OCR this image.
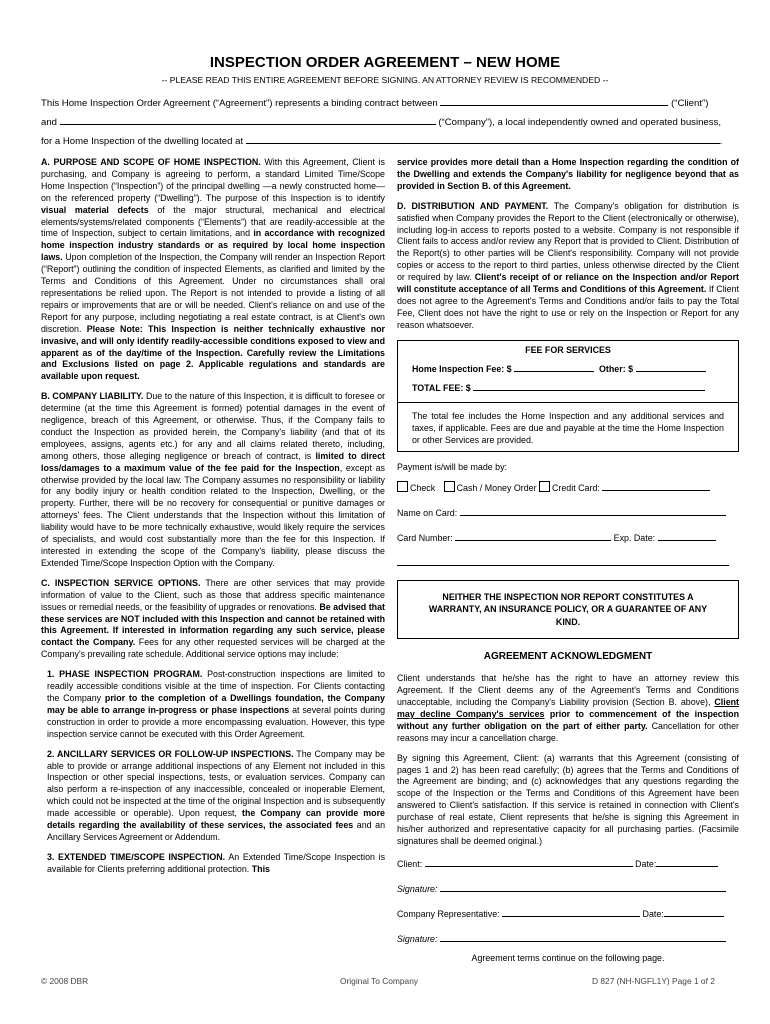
INSPECTION ORDER AGREEMENT – NEW HOME
-- PLEASE READ THIS ENTIRE AGREEMENT BEFORE SIGNING. AN ATTORNEY REVIEW IS RECOMMENDED --
This Home Inspection Order Agreement (“Agreement”) represents a binding contract between	(“Client”)
and	(“Company”), a local independently owned and operated business,
for a Home Inspection of the dwelling located at	.

A. PURPOSE AND SCOPE OF HOME INSPECTION. With this Agreement, Client is purchasing, and Company is agreeing to perform, a standard Limited Time/Scope Home Inspection (“Inspection”) of the principal dwelling —a newly constructed home—on the referenced property (“Dwelling”). The purpose of this Inspection is to identify visual material defects of the major structural, mechanical and electrical elements/systems/related components (“Elements”) that are readily-accessible at the time of Inspection, subject to certain limitations, and in accordance with recognized home inspection industry standards or as required by local home inspection laws. Upon completion of the Inspection, the Company will render an Inspection Report (“Report”) outlining the condition of inspected Elements, as clarified and limited by the Terms and Conditions of this Agreement. Under no circumstances shall oral representations be relied upon. The Report is not intended to provide a listing of all repairs or improvements that are or will be needed. Client's reliance on and use of the Report for any purpose, including negotiating a real estate contract, is at Client's own discretion. Please Note: This Inspection is neither technically exhaustive nor invasive, and will only identify readily-accessible conditions exposed to view and apparent as of the day/time of the Inspection. Carefully review the Limitations and Exclusions listed on page 2. Applicable regulations and standards are available upon request.

B. COMPANY LIABILITY. Due to the nature of this Inspection, it is difficult to foresee or determine (at the time this Agreement is formed) potential damages in the event of negligence, breach of this Agreement, or otherwise. Thus, if the Company fails to conduct the Inspection as provided herein, the Company's liability (and that of its employees, assigns, agents etc.) for any and all claims related thereto, including, among others, those alleging negligence or breach of contract, is limited to direct loss/damages to a maximum value of the fee paid for the Inspection, except as otherwise provided by the local law. The Company assumes no responsibility or liability for any bodily injury or health condition related to the Inspection, Dwelling, or the property. Further, there will be no recovery for consequential or punitive damages or attorneys' fees. The Client understands that the Inspection without this limitation of liability would have to be more technically exhaustive, would likely require the services of specialists, and would cost substantially more than the fee for this Inspection. If interested in extending the scope of the Company's liability, please discuss the Extended Time/Scope Inspection Option with the Company.

C. INSPECTION SERVICE OPTIONS. There are other services that may provide information of value to the Client, such as those that address specific maintenance issues or remedial needs, or the feasibility of upgrades or renovations. Be advised that these services are NOT included with this Inspection and cannot be retained with this Agreement. If interested in information regarding any such service, please contact the Company. Fees for any other requested services will be charged at the Company's prevailing rate schedule. Additional service options may include:

1. PHASE INSPECTION PROGRAM. Post-construction inspections are limited to readily accessible conditions visible at the time of inspection. For Clients contacting the Company prior to the completion of a Dwellings foundation, the Company may be able to arrange in-progress or phase inspections at several points during construction in order to provide a more encompassing evaluation. However, this type inspection service cannot be executed with this Order Agreement.

2. ANCILLARY SERVICES OR FOLLOW-UP INSPECTIONS. The Company may be able to provide or arrange additional inspections of any Element not included in this Inspection or other special inspections, tests, or evaluation services. Company can also perform a re-inspection of any inaccessible, concealed or inoperable Element, which could not be inspected at the time of the original Inspection and is subsequently made accessible or operable). Upon request, the Company can provide more details regarding the availability of these services, the associated fees and an Ancillary Services Agreement or Addendum.

3. EXTENDED TIME/SCOPE INSPECTION. An Extended Time/Scope Inspection is available for Clients preferring additional protection. This

service provides more detail than a Home Inspection regarding the condition of the Dwelling and extends the Company's liability for negligence beyond that as provided in Section B. of this Agreement.

D. DISTRIBUTION AND PAYMENT. The Company's obligation for distribution is satisfied when Company provides the Report to the Client (electronically or otherwise), including log-in access to reports posted to a website. Company is not responsible if Client fails to access and/or review any Report that is provided to Client. Distribution of the Report(s) to other parties will be Client's responsibility. Company will not provide copies or access to the report to third parties, unless otherwise directed by the Client or required by law. Client's receipt of or reliance on the Inspection and/or Report will constitute acceptance of all Terms and Conditions of this Agreement. If Client does not agree to the Agreement's Terms and Conditions and/or fails to pay the Total Fee, Client does not have the right to use or rely on the Inspection or Report for any reason whatsoever.

FEE FOR SERVICES
Home Inspection Fee: $	Other: $
TOTAL FEE: $
The total fee includes the Home Inspection and any additional services and taxes, if applicable. Fees are due and payable at the time the Home Inspection or other Services are provided.
Payment is/will be made by:
Check Cash / Money Order Credit Card:
Name on Card:
Card Number:	Exp. Date:
NEITHER THE INSPECTION NOR REPORT CONSTITUTES A WARRANTY, AN INSURANCE POLICY, OR A GUARANTEE OF ANY KIND.
AGREEMENT ACKNOWLEDGMENT

Client understands that he/she has the right to have an attorney review this Agreement. If the Client deems any of the Agreement's Terms and Conditions unacceptable, including the Company's Liability provision (Section B. above), Client may decline Company's services prior to commencement of the inspection without any further obligation on the part of either party. Cancellation for other reasons may incur a cancellation charge.

By signing this Agreement, Client: (a) warrants that this Agreement (consisting of pages 1 and 2) has been read carefully; (b) agrees that the Terms and Conditions of the Agreement are binding; and (c) acknowledges that any questions regarding the scope of the Inspection or the Terms and Conditions of this Agreement have been answered to Client's satisfaction. If this service is retained in connection with Client's purchase of real estate, Client represents that he/she is signing this Agreement in his/her authorized and representative capacity for all purchasing parties. (Facsimile signatures shall be deemed original.)

Client:	Date:
Signature:
Company Representative:	Date:
Signature:
Agreement terms continue on the following page.
© 2008 DBR	Original To Company	D 827 (NH-NGFL1Y) Page 1 of 2
